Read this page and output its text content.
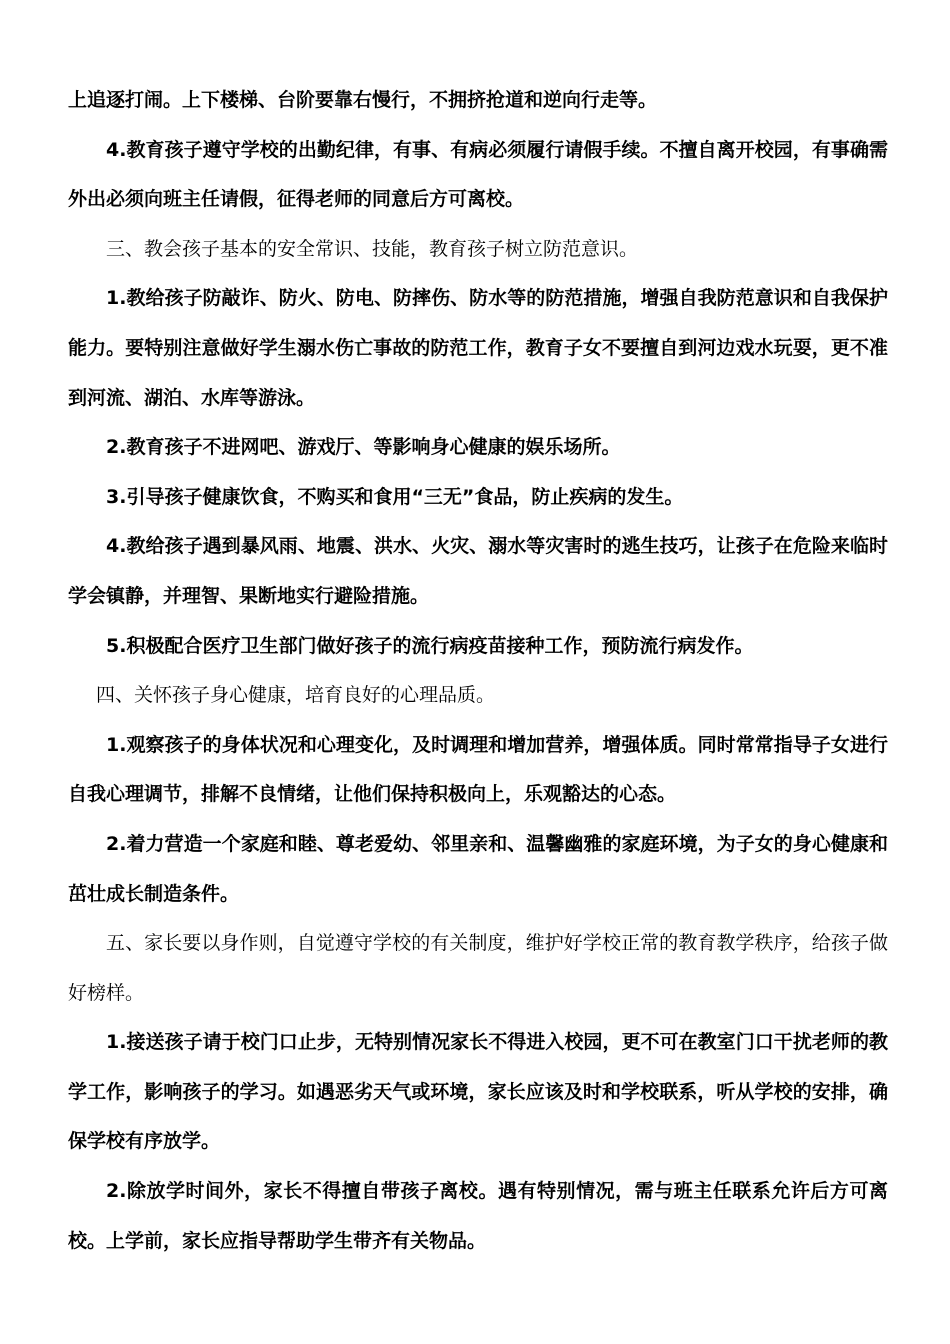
上追逐打闹。上下楼梯、台阶要靠右慢行，不拥挤抢道和逆向行走等。

4.教育孩子遵守学校的出勤纪律，有事、有病必须履行请假手续。不擅自离开校园，有事确需外出必须向班主任请假，征得老师的同意后方可离校。

三、教会孩子基本的安全常识、技能，教育孩子树立防范意识。

1.教给孩子防敲诈、防火、防电、防摔伤、防水等的防范措施，增强自我防范意识和自我保护能力。要特别注意做好学生溺水伤亡事故的防范工作，教育子女不要擅自到河边戏水玩耍，更不准到河流、湖泊、水库等游泳。

2.教育孩子不进网吧、游戏厅、等影响身心健康的娱乐场所。

3.引导孩子健康饮食，不购买和食用“三无”食品，防止疾病的发生。

4.教给孩子遇到暴风雨、地震、洪水、火灾、溺水等灾害时的逃生技巧，让孩子在危险来临时学会镇静，并理智、果断地实行避险措施。

5.积极配合医疗卫生部门做好孩子的流行病疫苗接种工作，预防流行病发作。

四、关怀孩子身心健康，培育良好的心理品质。

1.观察孩子的身体状况和心理变化，及时调理和增加营养，增强体质。同时常常指导子女进行自我心理调节，排解不良情绪，让他们保持积极向上，乐观豁达的心态。

2.着力营造一个家庭和睦、尊老爱幼、邻里亲和、温馨幽雅的家庭环境，为子女的身心健康和茁壮成长制造条件。

五、家长要以身作则，自觉遵守学校的有关制度，维护好学校正常的教育教学秩序，给孩子做好榜样。

1.接送孩子请于校门口止步，无特别情况家长不得进入校园，更不可在教室门口干扰老师的教学工作，影响孩子的学习。如遇恶劣天气或环境，家长应该及时和学校联系，听从学校的安排，确保学校有序放学。

2.除放学时间外，家长不得擅自带孩子离校。遇有特别情况，需与班主任联系允许后方可离校。上学前，家长应指导帮助学生带齐有关物品。
